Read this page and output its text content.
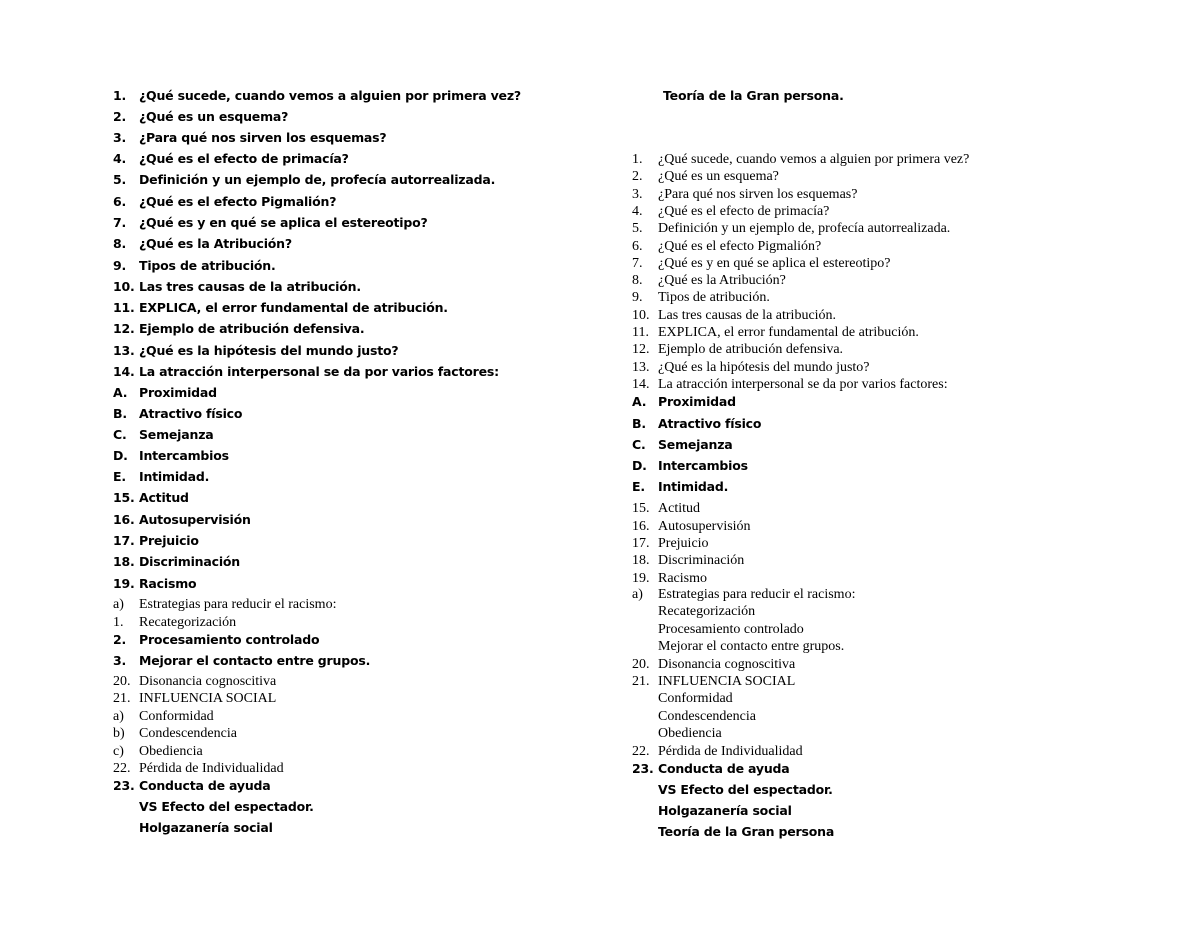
1. ¿Qué sucede, cuando vemos a alguien por primera vez?
2. ¿Qué es un esquema?
3. ¿Para qué nos sirven los esquemas?
4. ¿Qué es el efecto de primacía?
5. Definición y un ejemplo de, profecía autorrealizada.
6. ¿Qué es el efecto Pigmalión?
7. ¿Qué es y en qué se aplica el estereotipo?
8. ¿Qué es la Atribución?
9. Tipos de atribución.
10. Las tres causas de la atribución.
11. EXPLICA, el error fundamental de atribución.
12. Ejemplo de atribución defensiva.
13. ¿Qué es la hipótesis del mundo justo?
14. La atracción interpersonal se da por varios factores:
A. Proximidad
B. Atractivo físico
C. Semejanza
D. Intercambios
E. Intimidad.
15. Actitud
16. Autosupervisión
17. Prejuicio
18. Discriminación
19. Racismo
a) Estrategias para reducir el racismo:
1. Recategorización
2. Procesamiento controlado
3. Mejorar el contacto entre grupos.
20. Disonancia cognoscitiva
21. INFLUENCIA SOCIAL
a) Conformidad
b) Condescendencia
c) Obediencia
22. Pérdida de Individualidad
23. Conducta de ayuda
VS Efecto del espectador.
Holgazanería social
Teoría de la Gran persona.
1. ¿Qué sucede, cuando vemos a alguien por primera vez?
2. ¿Qué es un esquema?
3. ¿Para qué nos sirven los esquemas?
4. ¿Qué es el efecto de primacía?
5. Definición y un ejemplo de, profecía autorrealizada.
6. ¿Qué es el efecto Pigmalión?
7. ¿Qué es y en qué se aplica el estereotipo?
8. ¿Qué es la Atribución?
9. Tipos de atribución.
10. Las tres causas de la atribución.
11. EXPLICA, el error fundamental de atribución.
12. Ejemplo de atribución defensiva.
13. ¿Qué es la hipótesis del mundo justo?
14. La atracción interpersonal se da por varios factores:
A. Proximidad
B. Atractivo físico
C. Semejanza
D. Intercambios
E. Intimidad.
15. Actitud
16. Autosupervisión
17. Prejuicio
18. Discriminación
19. Racismo
a) Estrategias para reducir el racismo:
Recategorización
Procesamiento controlado
Mejorar el contacto entre grupos.
20. Disonancia cognoscitiva
21. INFLUENCIA SOCIAL
Conformidad
Condescendencia
Obediencia
22. Pérdida de Individualidad
23. Conducta de ayuda
VS Efecto del espectador.
Holgazanería social
Teoría de la Gran persona
